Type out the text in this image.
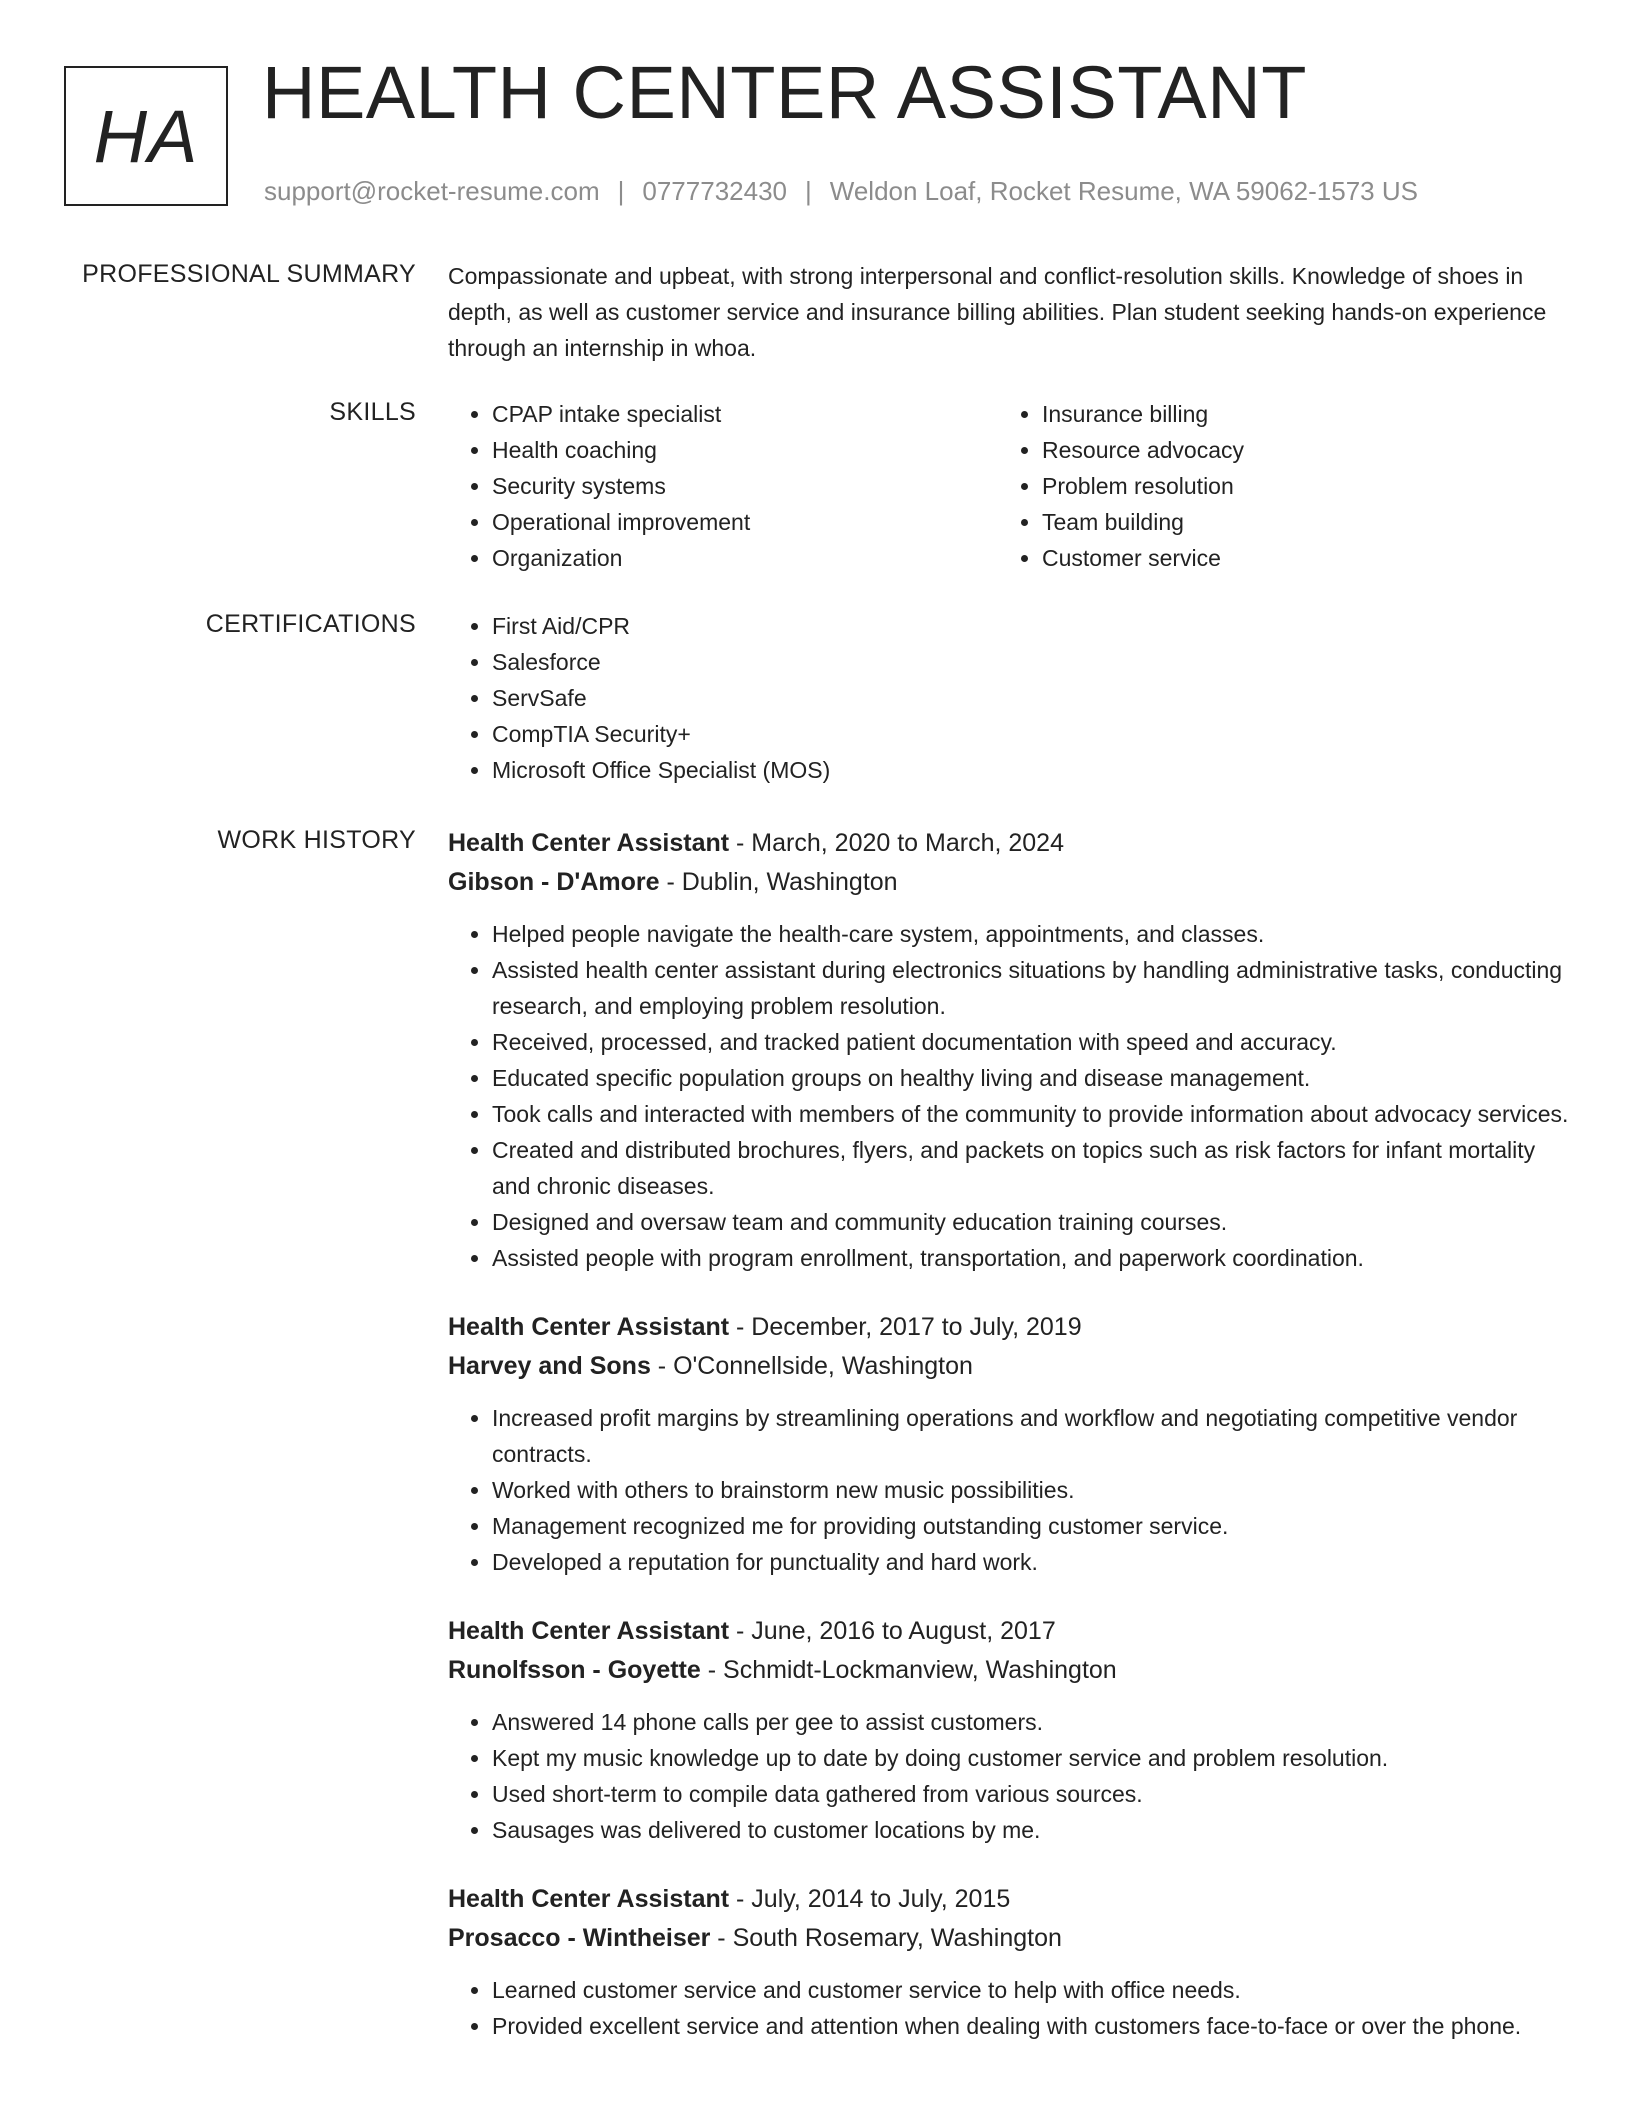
HA
HEALTH CENTER ASSISTANT
support@rocket-resume.com | 0777732430 | Weldon Loaf, Rocket Resume, WA 59062-1573 US
PROFESSIONAL SUMMARY Compassionate and upbeat, with strong interpersonal and conflict-resolution skills. Knowledge of shoes in depth, as well as customer service and insurance billing abilities. Plan student seeking hands-on experience through an internship in whoa.
SKILLS	• CPAP intake specialist
• Health coaching
• Security systems
• Operational improvement
• Organization
• Insurance billing
• Resource advocacy
• Problem resolution
• Team building
• Customer service
CERTIFICATIONS	• First Aid/CPR
• Salesforce
• ServSafe
• CompTIA Security+
• Microsoft Office Specialist (MOS)
WORK HISTORY Health Center Assistant - March, 2020 to March, 2024
Gibson - D'Amore - Dublin, Washington
• Helped people navigate the health-care system, appointments, and classes.
• Assisted health center assistant during electronics situations by handling administrative tasks, conducting research, and employing problem resolution.
• Received, processed, and tracked patient documentation with speed and accuracy.
• Educated specific population groups on healthy living and disease management.
• Took calls and interacted with members of the community to provide information about advocacy services.
• Created and distributed brochures, flyers, and packets on topics such as risk factors for infant mortality and chronic diseases.
• Designed and oversaw team and community education training courses.
• Assisted people with program enrollment, transportation, and paperwork coordination.
Health Center Assistant - December, 2017 to July, 2019
Harvey and Sons - O'Connellside, Washington
• Increased profit margins by streamlining operations and workflow and negotiating competitive vendor contracts.
• Worked with others to brainstorm new music possibilities.
• Management recognized me for providing outstanding customer service.
• Developed a reputation for punctuality and hard work.
Health Center Assistant - June, 2016 to August, 2017
Runolfsson - Goyette - Schmidt-Lockmanview, Washington
• Answered 14 phone calls per gee to assist customers.
• Kept my music knowledge up to date by doing customer service and problem resolution.
• Used short-term to compile data gathered from various sources.
• Sausages was delivered to customer locations by me.
Health Center Assistant - July, 2014 to July, 2015
Prosacco - Wintheiser - South Rosemary, Washington
• Learned customer service and customer service to help with office needs.
• Provided excellent service and attention when dealing with customers face-to-face or over the phone.
